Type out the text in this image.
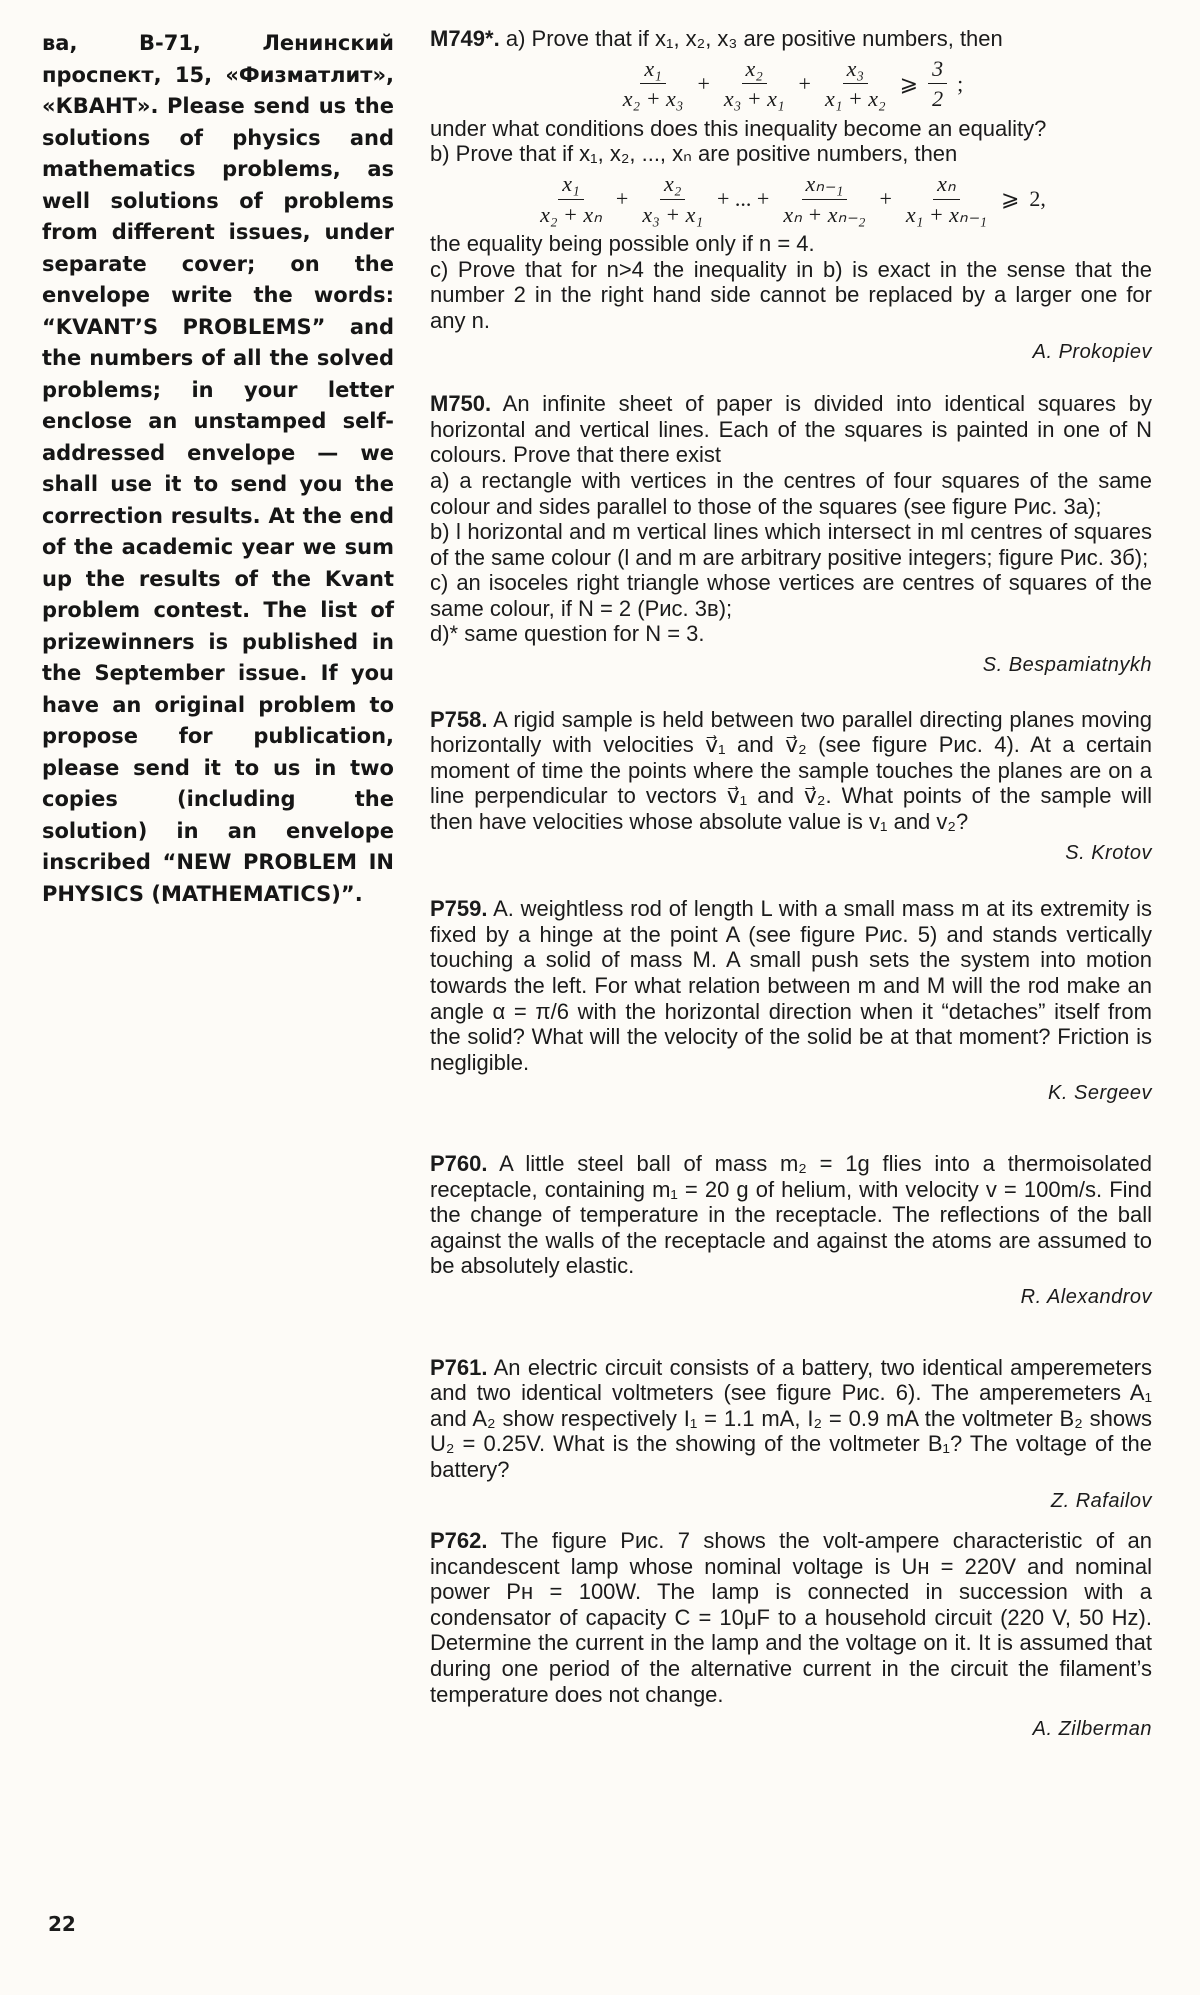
ва, В-71, Ленинский проспект, 15, «Физматлит», «КВАНТ». Please send us the solutions of physics and mathematics problems, as well solutions of problems from different issues, under separate cover; on the envelope write the words: “KVANT’S PROBLEMS” and the numbers of all the solved problems; in your letter enclose an unstamped self-addressed envelope — we shall use it to send you the correction results. At the end of the academic year we sum up the results of the Kvant problem contest. The list of prizewinners is published in the September issue. If you have an original problem to propose for publication, please send it to us in two copies (including the solution) in an envelope inscribed “NEW PROBLEM IN PHYSICS (MATHEMATICS)”.
M749*. a) Prove that if x₁, x₂, x₃ are positive numbers, then
$\frac{\text{x₁}}{\text{x₂ + x₃}} + \frac{\text{x₂}}{\text{x₃ + x₁}} + \frac{\text{x₃}}{\text{x₁ + x₂}}$ ⩾ $\frac{3}{2}$ ;
under what conditions does this inequality become an equality?
b) Prove that if x₁, x₂, ..., xₙ are positive numbers, then
$\frac{\text{x₁}}{\text{x₂ + xₙ}} + \frac{\text{x₂}}{\text{x₃ + x₁}}$ + ... + $\frac{\text{xₙ₋₁}}{\text{xₙ + xₙ₋₂}} + \frac{\text{xₙ}}{\text{x₁ + xₙ₋₁}}$ ⩾ 2,
the equality being possible only if n = 4.
c) Prove that for n>4 the inequality in b) is exact in the sense that the number 2 in the right hand side cannot be replaced by a larger one for any n.
A. Prokopiev
M750. An infinite sheet of paper is divided into identical squares by horizontal and vertical lines. Each of the squares is painted in one of N colours. Prove that there exist
a) a rectangle with vertices in the centres of four squares of the same colour and sides parallel to those of the squares (see figure Рис. 3а);
b) l horizontal and m vertical lines which intersect in ml centres of squares of the same colour (l and m are arbitrary positive integers; figure Рис. 3б);
c) an isoceles right triangle whose vertices are centres of squares of the same colour, if N = 2 (Рис. 3в);
d)* same question for N = 3.
S. Bespamiatnykh
P758. A rigid sample is held between two parallel directing planes moving horizontally with velocities v⃗₁ and v⃗₂ (see figure Рис. 4). At a certain moment of time the points where the sample touches the planes are on a line perpendicular to vectors v⃗₁ and v⃗₂. What points of the sample will then have velocities whose absolute value is v₁ and v₂?
S. Krotov
P759. A. weightless rod of length L with a small mass m at its extremity is fixed by a hinge at the point A (see figure Рис. 5) and stands vertically touching a solid of mass M. A small push sets the system into motion towards the left. For what relation between m and M will the rod make an angle α = π/6 with the horizontal direction when it “detaches” itself from the solid? What will the velocity of the solid be at that moment? Friction is negligible.
K. Sergeev
P760. A little steel ball of mass m₂ = 1g flies into a thermoisolated receptacle, containing m₁ = 20 g of helium, with velocity v = 100m/s. Find the change of temperature in the receptacle. The reflections of the ball against the walls of the receptacle and against the atoms are assumed to be absolutely elastic.
R. Alexandrov
P761. An electric circuit consists of a battery, two identical amperemeters and two identical voltmeters (see figure Рис. 6). The amperemeters A₁ and A₂ show respectively I₁ = 1.1 mA, I₂ = 0.9 mA the voltmeter B₂ shows U₂ = 0.25V. What is the showing of the voltmeter B₁? The voltage of the battery?
Z. Rafailov
P762. The figure Рис. 7 shows the volt-ampere characteristic of an incandescent lamp whose nominal voltage is Uн = 220V and nominal power Pн = 100W. The lamp is connected in succession with a condensator of capacity C = 10μF to a household circuit (220 V, 50 Hz). Determine the current in the lamp and the voltage on it. It is assumed that during one period of the alternative current in the circuit the filament’s temperature does not change.
A. Zilberman
22
